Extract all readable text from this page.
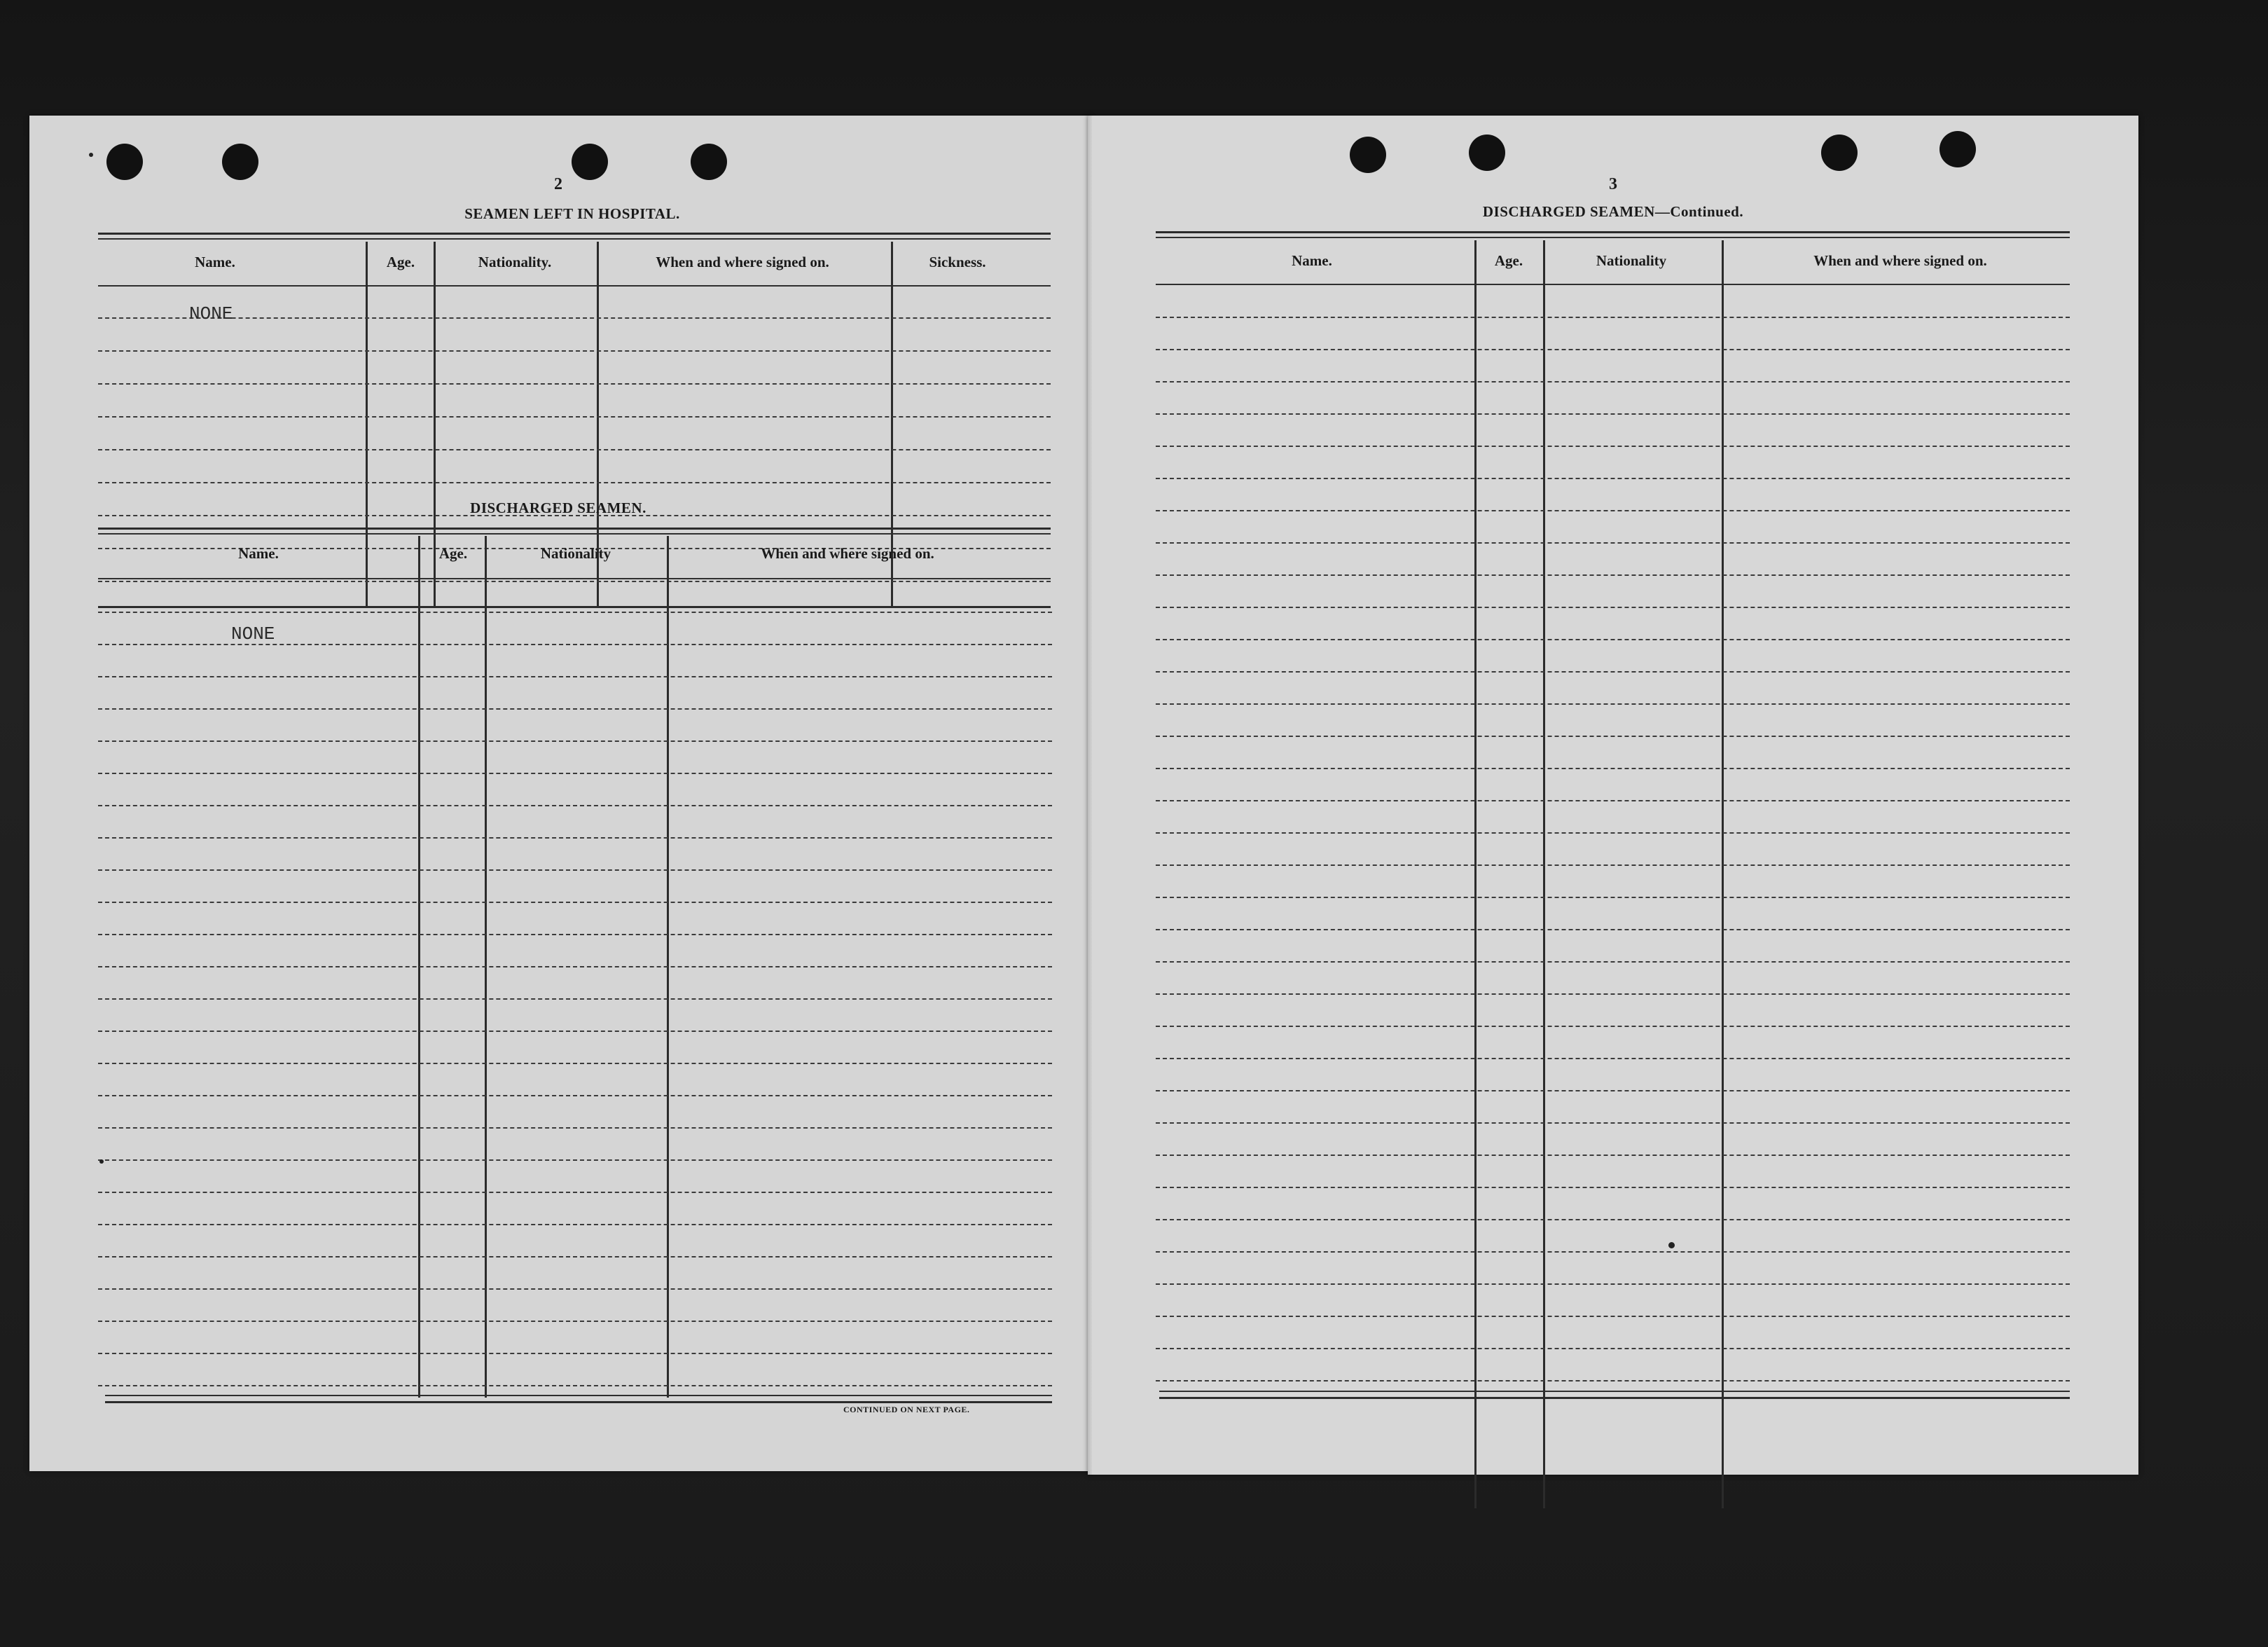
2
SEAMEN LEFT IN HOSPITAL.
Name.	Age.	Nationality.	When and where signed on.	Sickness.
NONE
DISCHARGED SEAMEN.
Name.	Age.	Nationality	When and where signed on.
NONE
CONTINUED ON NEXT PAGE.
3
DISCHARGED SEAMEN—Continued.
Name.	Age.	Nationality	When and where signed on.
